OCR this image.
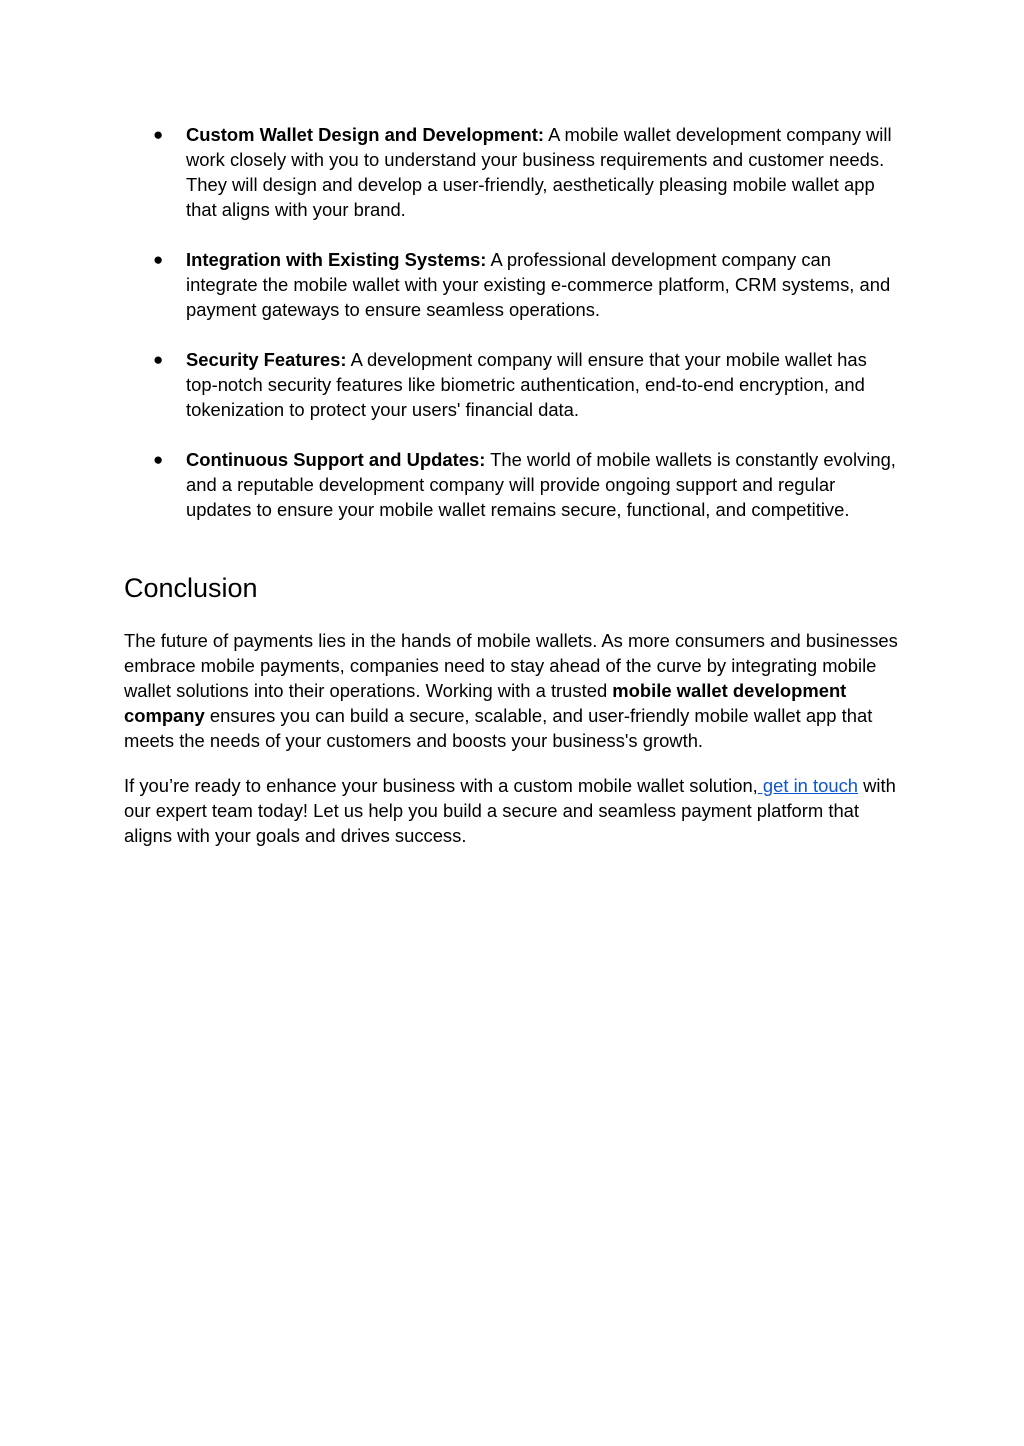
● Custom Wallet Design and Development: A mobile wallet development company will work closely with you to understand your business requirements and customer needs. They will design and develop a user-friendly, aesthetically pleasing mobile wallet app that aligns with your brand.
● Integration with Existing Systems: A professional development company can integrate the mobile wallet with your existing e-commerce platform, CRM systems, and payment gateways to ensure seamless operations.
● Security Features: A development company will ensure that your mobile wallet has top-notch security features like biometric authentication, end-to-end encryption, and tokenization to protect your users' financial data.
● Continuous Support and Updates: The world of mobile wallets is constantly evolving, and a reputable development company will provide ongoing support and regular updates to ensure your mobile wallet remains secure, functional, and competitive.
Conclusion

The future of payments lies in the hands of mobile wallets. As more consumers and businesses embrace mobile payments, companies need to stay ahead of the curve by integrating mobile wallet solutions into their operations. Working with a trusted mobile wallet development company ensures you can build a secure, scalable, and user-friendly mobile wallet app that meets the needs of your customers and boosts your business's growth.

If you’re ready to enhance your business with a custom mobile wallet solution, get in touch with our expert team today! Let us help you build a secure and seamless payment platform that aligns with your goals and drives success.
